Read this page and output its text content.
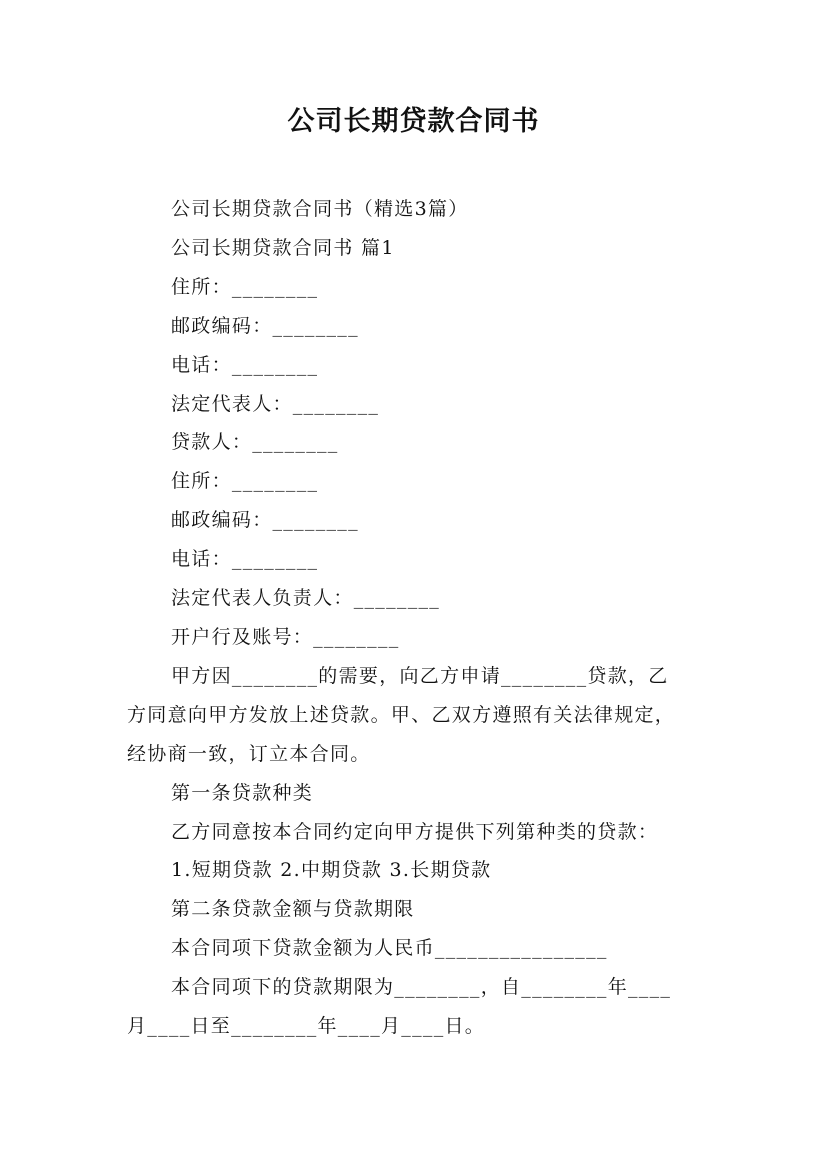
公司长期贷款合同书

公司长期贷款合同书（精选3篇）

公司长期贷款合同书 篇1

住所：________

邮政编码：________

电话：________

法定代表人：________

贷款人：________

住所：________

邮政编码：________

电话：________

法定代表人负责人：________

开户行及账号：________

甲方因________的需要，向乙方申请________贷款，乙

方同意向甲方发放上述贷款。甲、乙双方遵照有关法律规定，

经协商一致，订立本合同。

第一条贷款种类

乙方同意按本合同约定向甲方提供下列第种类的贷款：

1.短期贷款 2.中期贷款 3.长期贷款

第二条贷款金额与贷款期限

本合同项下贷款金额为人民币________________

本合同项下的贷款期限为________，自________年____

月____日至________年____月____日。
